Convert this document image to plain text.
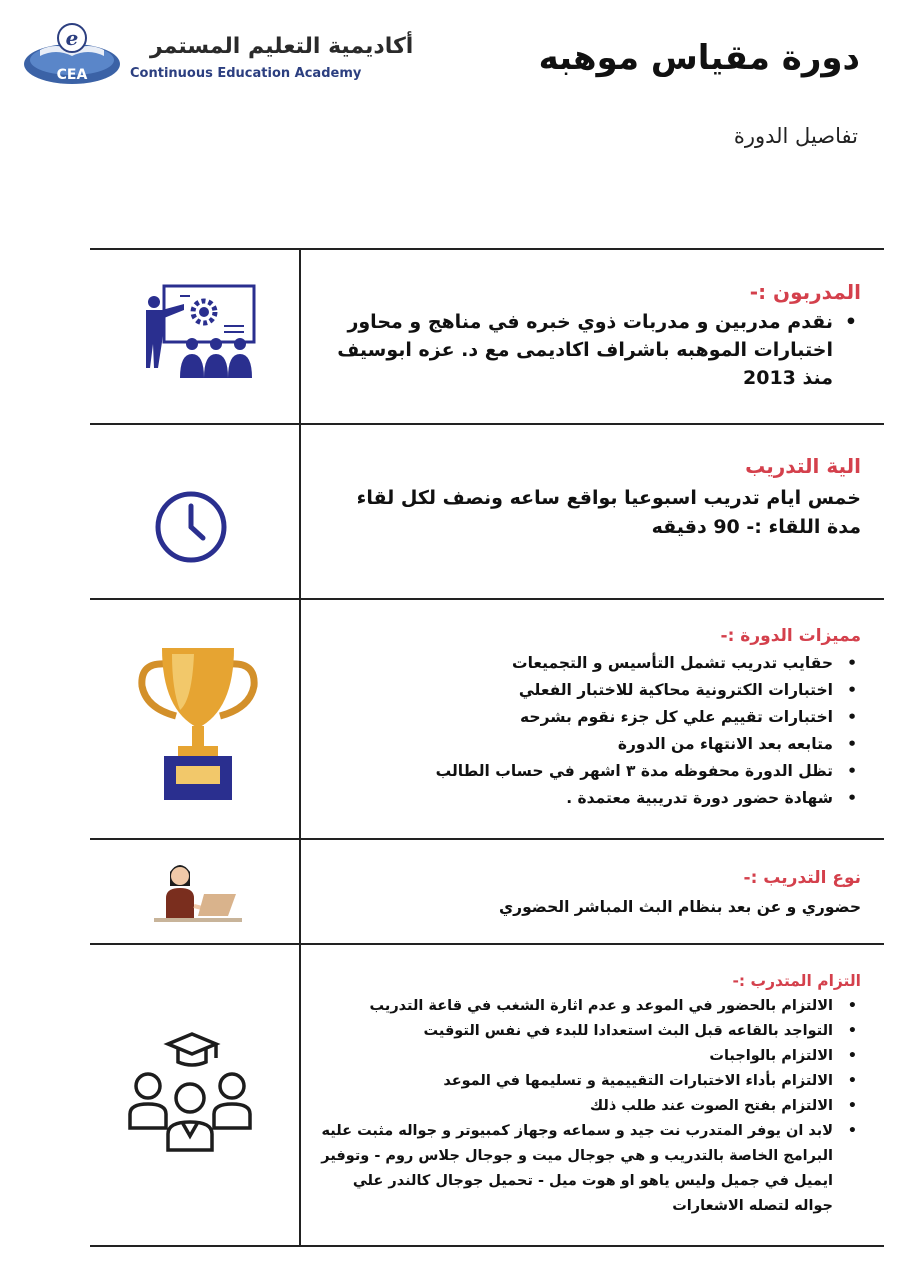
e
CEA
أكاديمية التعليم المستمر
Continuous Education Academy	دورة مقياس موهبه
تفاصيل الدورة
المدربون :-
• نقدم مدربين و مدربات ذوي خبره في مناهج و محاور اختبارات الموهبه باشراف اكاديمى مع د. عزه ابوسيف منذ 2013
الية التدريب
خمس ايام تدريب اسبوعيا بواقع ساعه ونصف لكل لقاء
مدة اللقاء :- 90 دقيقه
مميزات الدورة :-
• حقايب تدريب تشمل التأسيس و التجميعات
• اختبارات الكترونية محاكية للاختبار الفعلي
• اختبارات تقييم علي كل جزء نقوم بشرحه
• متابعه بعد الانتهاء من الدورة
• تظل الدورة محفوظه مدة ٣ اشهر في حساب الطالب
• شهادة حضور دورة تدريبية معتمدة .
نوع التدريب :-
حضوري و عن بعد بنظام البث المباشر الحضوري
التزام المتدرب :-
• الالتزام بالحضور في الموعد و عدم اثارة الشغب في قاعة التدريب
• التواجد بالقاعه قبل البث استعدادا للبدء في نفس التوقيت
• الالتزام بالواجبات
• الالتزام بأداء الاختبارات التقييمية و تسليمها في الموعد
• الالتزام بفتح الصوت عند طلب ذلك
• لابد ان يوفر المتدرب نت جيد و سماعه وجهاز كمبيوتر و جواله مثبت عليه البرامج الخاصة بالتدريب و هي جوجال ميت و جوجال جلاس روم - وتوفير ايميل في جميل وليس ياهو او هوت ميل - تحميل جوجال كالندر علي جواله لتصله الاشعارات
